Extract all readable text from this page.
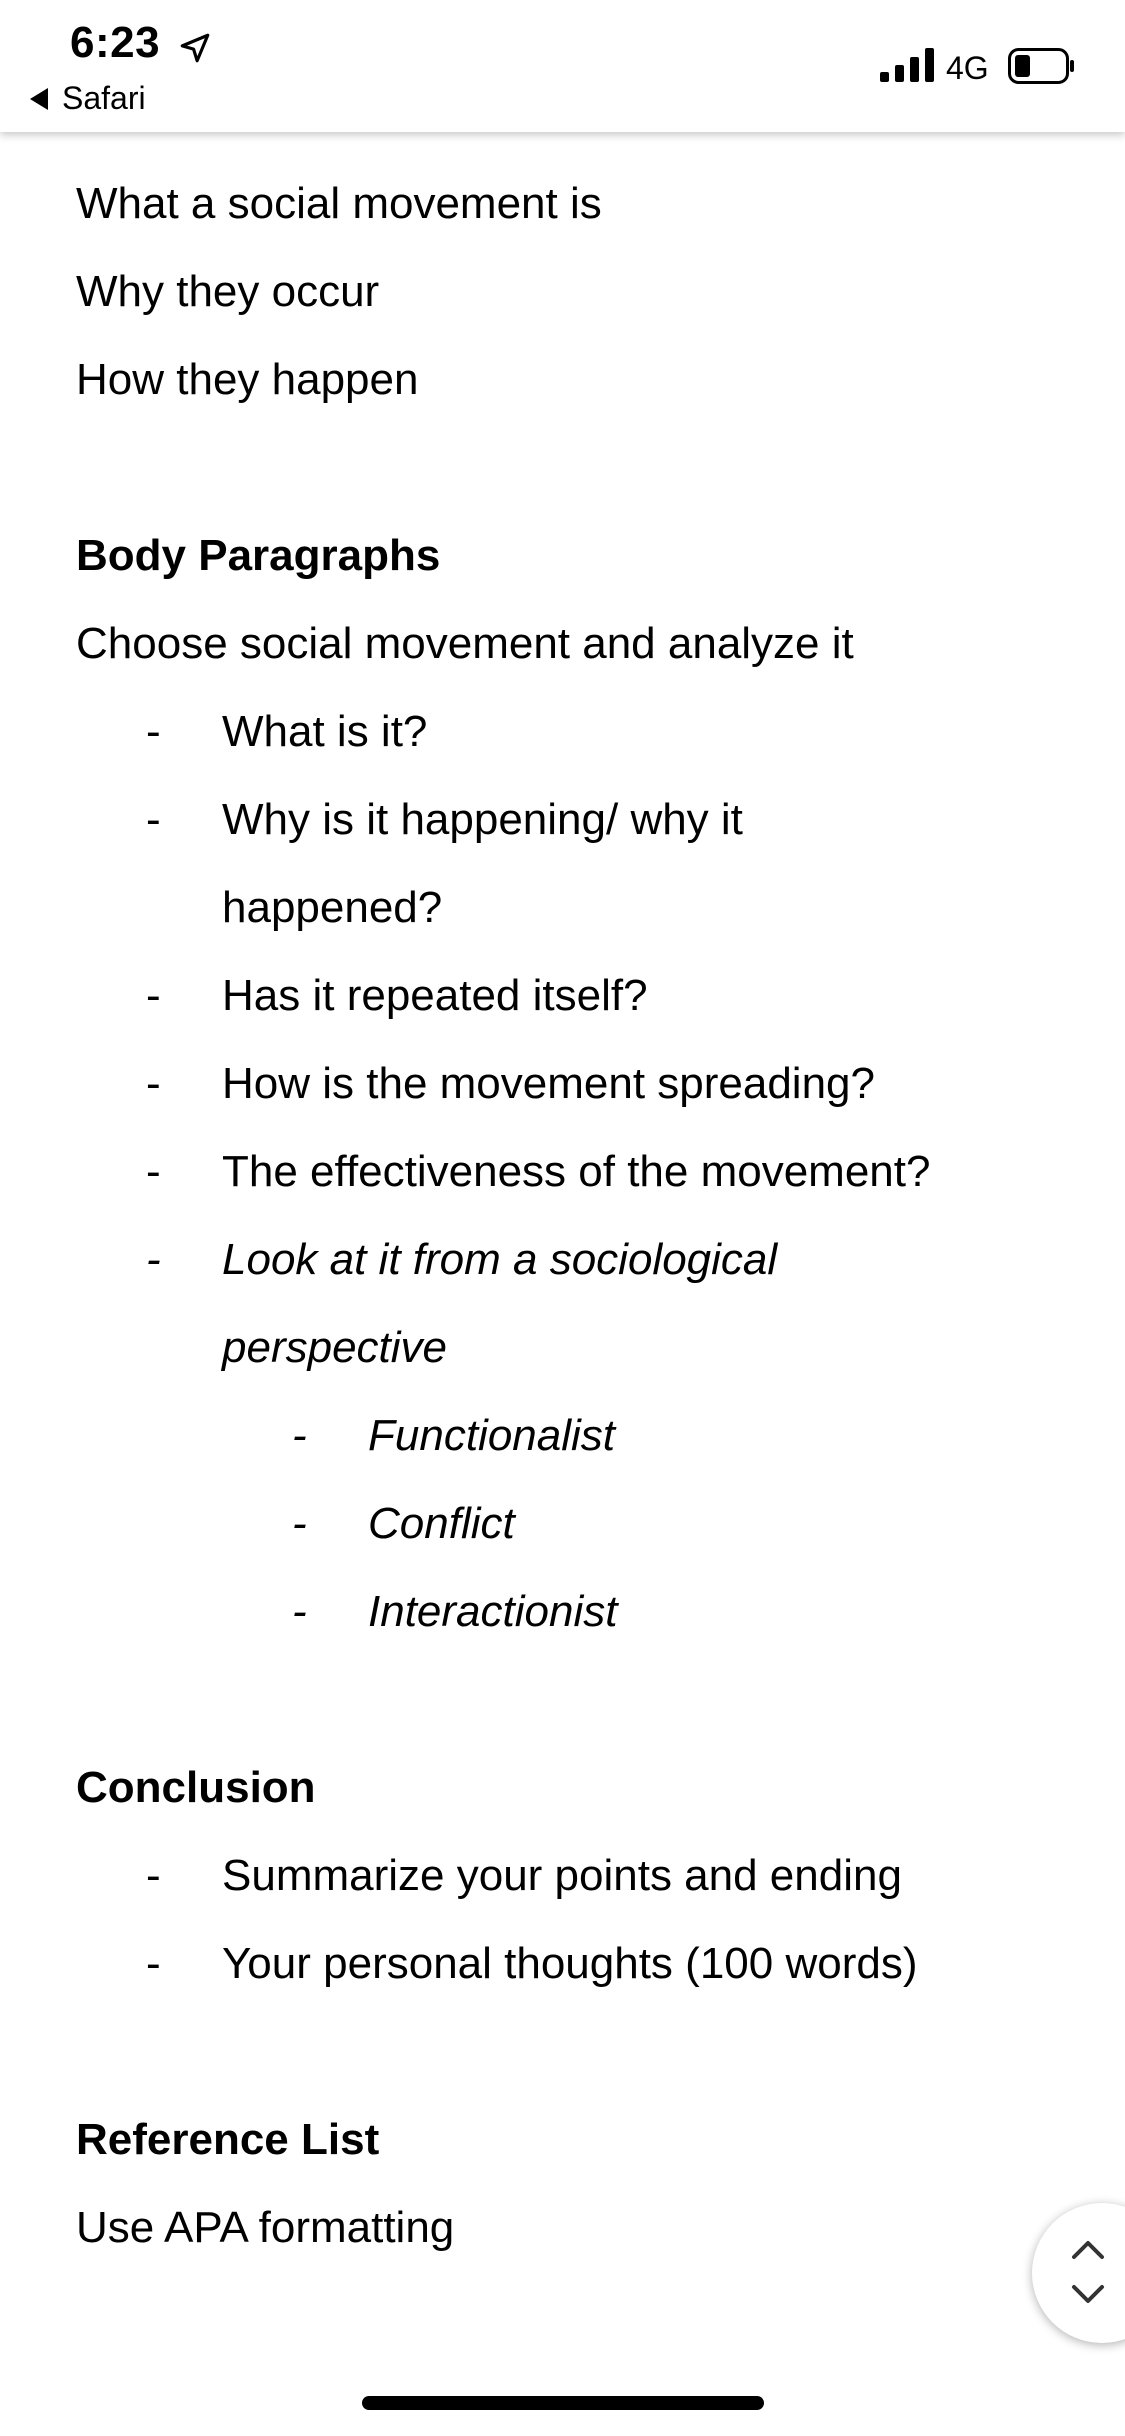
6:23
Safari
4G

What a social movement is

Why they occur

How they happen

Body Paragraphs

Choose social movement and analyze it

- What is it?
- Why is it happening/ why it
happened?
- Has it repeated itself?
- How is the movement spreading?
- The effectiveness of the movement?
- Look at it from a sociological
perspective
- Functionalist
- Conflict
- Interactionist

Conclusion

- Summarize your points and ending
- Your personal thoughts (100 words)

Reference List

Use APA formatting
